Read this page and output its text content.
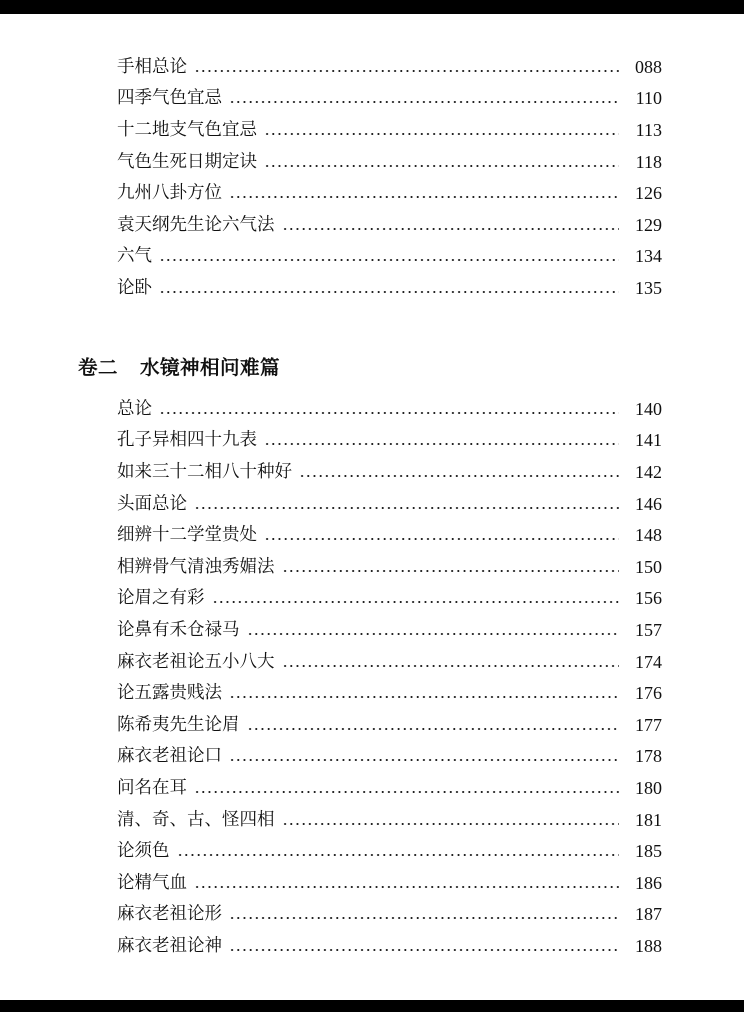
手相总论	088
四季气色宜忌	110
十二地支气色宜忌	113
气色生死日期定诀	118
九州八卦方位	126
袁天纲先生论六气法	129
六气	134
论卧	135
卷二 水镜神相问难篇
总论	140
孔子异相四十九表	141
如来三十二相八十种好	142
头面总论	146
细辨十二学堂贵处	148
相辨骨气清浊秀媚法	150
论眉之有彩	156
论鼻有禾仓禄马	157
麻衣老祖论五小八大	174
论五露贵贱法	176
陈希夷先生论眉	177
麻衣老祖论口	178
问名在耳	180
清、奇、古、怪四相	181
论须色	185
论精气血	186
麻衣老祖论形	187
麻衣老祖论神	188
